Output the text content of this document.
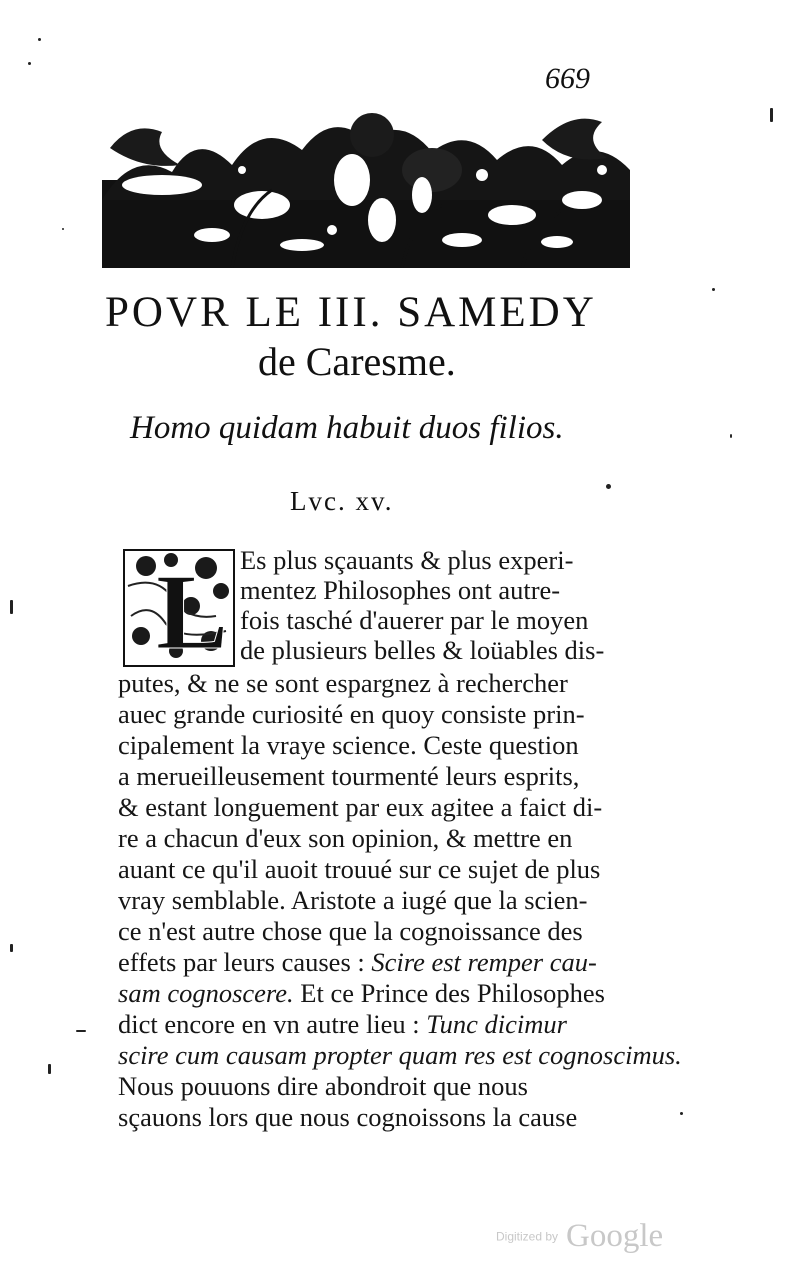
669
POVR LE III. SAMEDY
de Caresme.
Homo quidam habuit duos filios.
Lvc. xv.
L Es plus sçauants & plus experi-
mentez Philosophes ont autre-
fois tasché d'auerer par le moyen
de plusieurs belles & loüables dis-
putes, & ne se sont espargnez à rechercher
auec grande curiosité en quoy consiste prin-
cipalement la vraye science. Ceste question
a merueilleusement tourmenté leurs esprits,
& estant longuement par eux agitee a faict di-
re a chacun d'eux son opinion, & mettre en
auant ce qu'il auoit trouué sur ce sujet de plus
vray semblable. Aristote a iugé que la scien-
ce n'est autre chose que la cognoissance des
effets par leurs causes : Scire est remper cau-
sam cognoscere. Et ce Prince des Philosophes
dict encore en vn autre lieu : Tunc dicimur
scire cum causam propter quam res est cognoscimus.
Nous pouuons dire abondroit que nous
sçauons lors que nous cognoissons la cause
Digitized by Google
